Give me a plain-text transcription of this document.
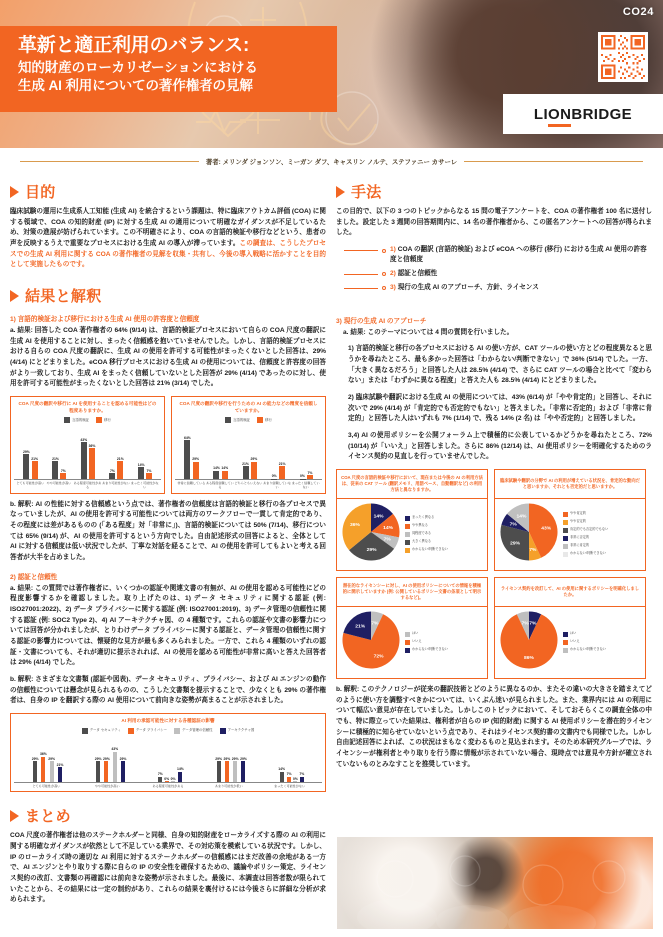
CO24
革新と適正利用のバランス:
知的財産のローカリゼーションにおける
生成 AI 利用についての著作権者の見解
LIONBRIDGE
著者: メリンダ ジョンソン、ミーガン ダフ、キャスリン ノルテ、ステファニー カサーレ
目的
臨床試験の運用に生成系人工知能 (生成 AI) を統合するという課題は、特に臨床アウトカム評価 (COA) に関する領域で、COA の知的財産 (IP) に対する生成 AI の適用について明確なガイダンスが不足しているため、対策の進展が妨げられています。この不明確さにより、COA の言語的検証や移行などという、患者の声を反映するうえで重要なプロセスにおける生成 AI の導入が滞っています。この調査は、こうしたプロセスでの生成 AI 利用に関する COA の著作権者の見解を収集・共有し、今後の導入戦略に活かすことを目的として実施したものです。
結果と解釈
1) 言語的検証および移行における生成 AI 使用の許容度と信頼度
a. 結果: 回答した COA 著作権者の 64% (9/14) は、言語的検証プロセスにおいて自らの COA 尺度の翻訳に生成 AI を使用することに対し、まったく信頼感を抱いていませんでした。しかし、言語的検証プロセスにおける自らの COA 尺度の翻訳に、生成 AI の使用を許可する可能性がまったくないとした回答は、29% (4/14) にとどまりました。eCOA 移行プロセスにおける生成 AI の使用については、信頼度と許容度の回答がより一致しており、生成 AI をまったく信頼していないとした回答が 29% (4/14) であったのに対し、使用を許可する可能性がまったくないとした回答は 21% (3/14) でした。
COA 尺度の翻訳や移行に AI を使用することを認める可能性はどの程度ありますか。
言語的検証	移行
29%
21%	21%
7%
43%
36%
7%
21%
14%
7%
とても可能性が高い やや可能性が高い ある程度可能性がある
あまり可能性がない まったく可能性がない
COA 尺度の翻訳や移行を行うための AI の能力などの精度を信頼していますか。
言語的検証	移行
64%
29%
14% 14%
21%
29%
0%
21%
0%
7%
非常に信頼している ある程度信頼している
どちらともいえない あまり信頼していない
まったく信頼していない
b. 解釈: AI の性能に対する信頼感という点では、著作権者の信頼度は言語的検証と移行の各プロセスで異なっていましたが、AI の使用を許可する可能性については両方のワークフローで一貫して肯定的であり、その程度には差があるものの (「ある程度」対「非常に」)、言語的検証については 50% (7/14)、移行については 65% (9/14) が、AI の使用を許可するという方向でした。自由記述形式の回答によると、全体として AI に対する信頼度は低い状況でしたが、丁寧な対話を経ることで、AI の使用を許可してもよいと考える回答者が大半を占めました。
2) 認証と信頼性
a. 結果: この質問では著作権者に、いくつかの認証や関連文書の有無が、AI の使用を認める可能性にどの程度影響するかを確認しました。取り上げたのは、1) データ セキュリティに関する認証 (例: ISO27001:2022)、2) データ プライバシーに関する認証 (例: ISO27001:2019)、3) データ管理の信頼性に関する認証 (例: SOC2 Type 2)、4) AI アーキテクチャ図、の 4 種類です。これらの認証や文書の影響力については回答が分かれましたが、とりわけデータ プライバシーに関する認証と、データ管理の信頼性に関する認証の影響力については、懐疑的な見方が最も多くみられました。一方で、これら 4 種類のいずれの認証・文書についても、それが適切に提示されれば、AI の使用を認める可能性が非常に高いと答えた回答者は 29% (4/14) でした。
b. 解釈: さまざまな文書類 (認証や図表)、データ セキュリティ、プライバシー、および AI エンジンの動作の信頼性については懸念が見られるものの、こうした文書類を提示することで、少なくとも 29% の著作権者は、自身の IP を翻訳する際の AI 使用について前向きな姿勢が高まることが示されました。
AI 利用の承認可能性に対する各種認証の影響
データ セキュリティ	データ プライバシー	データ管理の信頼性	アーキテクチャ図
29%
36%
29%
21%
29% 29%
43%
29%
7%
0% 0%
14%
29% 29% 29% 29%
14%
7%
0%
7%
とても可能性が高い	やや可能性が高い	ある程度可能性がある	あまり可能性が低い	まったく可能性がない
まとめ
COA 尺度の著作権者は他のステークホルダーと同様、自身の知的財産をローカライズする際の AI の利用に関する明確なガイダンスが依然として不足している業界で、その対応策を模索している状況です。しかし、IP のローカライズ時の適切な AI 利用に対するステークホルダーの信頼感にはまだ改善の余地がある一方で、AI エンジンとやり取りする際に自らの IP の安全性を確保するための、議論やポリシー策定、ライセンス契約の改訂、文書類の再確認には前向きな姿勢が示されました。最後に、本調査は回答者数が限られていたことから、その結果には一定の制約があり、これらの結果を裏付けるには今後さらに詳細な分析が求められます。
手法
この目的で、以下の 3 つのトピックからなる 15 問の電子アンケートを、COA の著作権者 100 名に送付しました。設定した 3 週間の回答期間内に、14 名の著作権者から、この匿名アンケートへの回答が得られました。
1) COA の翻訳 (言語的検証) および eCOA への移行 (移行) における生成 AI 使用の許容度と信頼度
2) 認証と信頼性
3) 現行の生成 AI のアプローチ、方針、ライセンス
3) 現行の生成 AI のアプローチ
a. 結果: このテーマについては 4 問の質問を行いました。
1) 言語的検証と移行の各プロセスにおける AI の使い方が、CAT ツールの使い方とどの程度異なると思うかを尋ねたところ、最も多かった回答は「わからない/判断できない」で 36% (5/14) でした。一方、「大きく異なるだろう」と回答した人は 28.5% (4/14) で、さらに CAT ツールの場合と比べて「変わらない」または「わずかに異なる程度」と答えた人も 28.5% (4/14) にとどまりました。
2) 臨床試験や翻訳における生成 AI の使用については、43% (6/14) が「やや肯定的」と回答し、それに次いで 29% (4/14) が「肯定的でも否定的でもない」と答えました。「非常に否定的」および「非常に肯定的」と回答した人はいずれも 7% (1/14) で、残る 14% (2 名) は「やや否定的」と回答しました。
3,4) AI の使用ポリシーを公開フォーラム上で積極的に公表しているかどうかを尋ねたところ、72% (10/14) が「いいえ」と回答しました。さらに 86% (12/14) は、AI 使用ポリシーを明確化するためのライセンス契約の見直しを行っていませんでした。
COA 尺度の言語的検証や移行において、現在または今後の AI の利用方法は、従来の CAT ツール (翻訳メモリ、用語ベース、自動翻訳など) の利用方法と異なりますか。
14%
14%
7%
29%
36%
まったく異なる
やや異なる
同程度である
大きく異なる
わからない/判断できない
臨床試験や翻訳の分野で AI の利用が増えている状況を、肯定的な動向だと思いますか、それとも否定的だと思いますか。
43%
7%
29%
7%
14%
やや肯定的
やや否定的
肯定的でも否定的でもない
非常に否定的
非常に肯定的
わからない/判断できない
潜在的なライセンシーに対し、AI の使用ポリシーについての情報を積極的に開示していますか (例: 公開しているポリシー文書の条項として明示するなど)。
7%
72%
21%
はい
いいえ
わからない/判断できない
ライセンス契約を改訂して、AI の使用に関するポリシーを明確化しましたか。
7%
86%
7%
はい
いいえ
わからない/判断できない
b. 解釈: このテクノロジーが従来の翻訳技術とどのように異なるのか、またその違いの大きさを踏まえてどのように使い方を調整すべきかについては、いくぶん迷いが見られました。また、業界内には AI の利用について幅広い意見が存在していました。しかしこのトピックにおいて、そしておそらくこの調査全体の中でも、特に際立っていた結果は、権利者が自らの IP (知的財産) に関する AI 使用ポリシーを潜在的ライセンシーに積極的に知らせていないという点であり、それはライセンス契約書の文書内でも同様でした。しかし自由記述回答によれば、この状況はまもなく変わるものと見込まれます。そのため本研究グループでは、ライセンシーが権利者とやり取りを行う際に情報が示されていない場合、現時点では意見や方針が確立されていないものとみなすことを推奨しています。
